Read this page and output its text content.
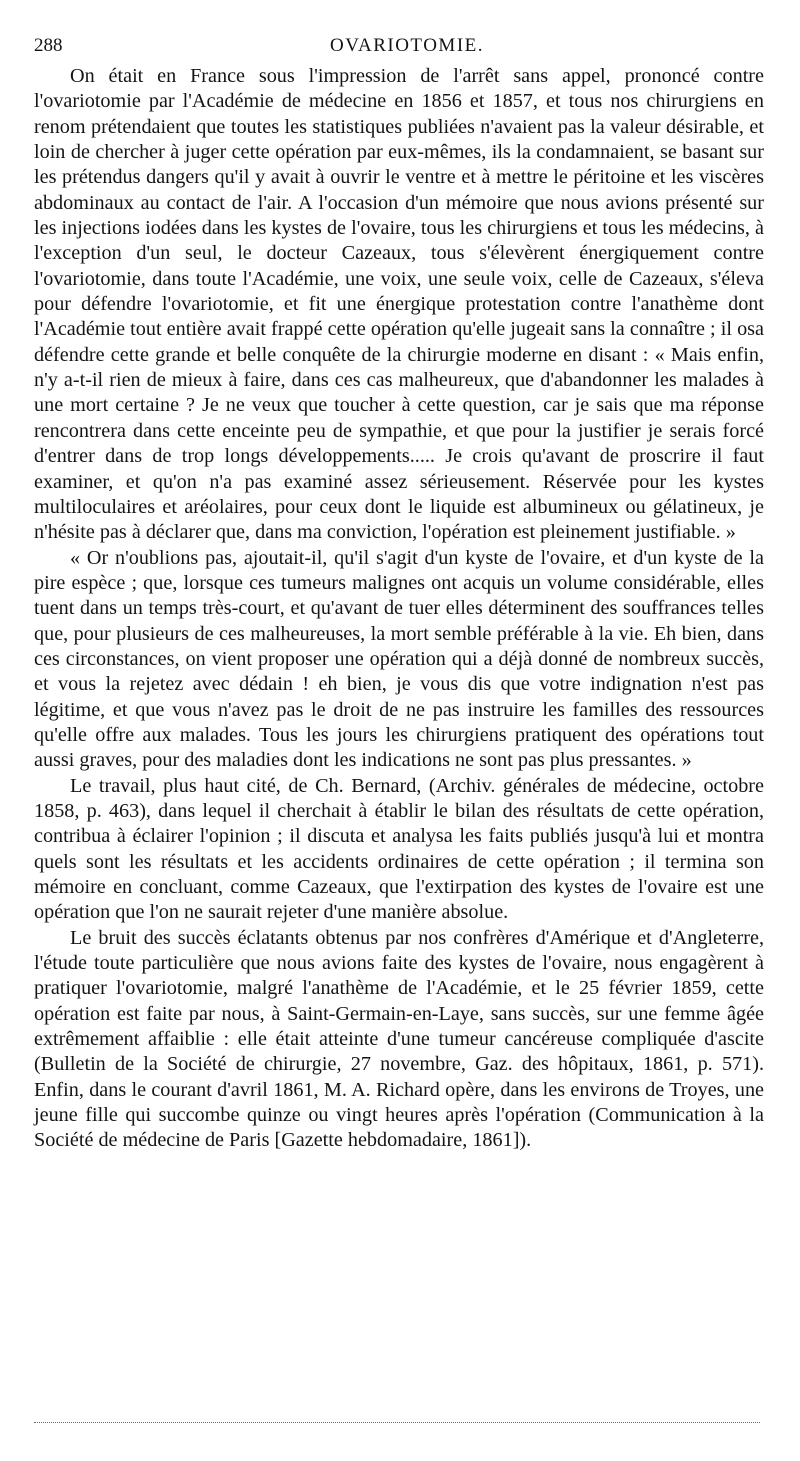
288	OVARIOTOMIE.

On était en France sous l'impression de l'arrêt sans appel, prononcé contre l'ovariotomie par l'Académie de médecine en 1856 et 1857, et tous nos chirurgiens en renom prétendaient que toutes les statistiques publiées n'avaient pas la valeur désirable, et loin de chercher à juger cette opération par eux-mêmes, ils la condamnaient, se basant sur les prétendus dangers qu'il y avait à ouvrir le ventre et à mettre le péritoine et les viscères abdominaux au contact de l'air. A l'occasion d'un mémoire que nous avions présenté sur les injections iodées dans les kystes de l'ovaire, tous les chirurgiens et tous les médecins, à l'exception d'un seul, le docteur Cazeaux, tous s'élevèrent énergiquement contre l'ovariotomie, dans toute l'Académie, une voix, une seule voix, celle de Cazeaux, s'éleva pour défendre l'ovariotomie, et fit une énergique protestation contre l'anathème dont l'Académie tout entière avait frappé cette opération qu'elle jugeait sans la connaître ; il osa défendre cette grande et belle conquête de la chirurgie moderne en disant : « Mais enfin, n'y a-t-il rien de mieux à faire, dans ces cas malheureux, que d'abandonner les malades à une mort certaine ? Je ne veux que toucher à cette question, car je sais que ma réponse rencontrera dans cette enceinte peu de sympathie, et que pour la justifier je serais forcé d'entrer dans de trop longs développements..... Je crois qu'avant de proscrire il faut examiner, et qu'on n'a pas examiné assez sérieusement. Réservée pour les kystes multiloculaires et aréolaires, pour ceux dont le liquide est albumineux ou gélatineux, je n'hésite pas à déclarer que, dans ma conviction, l'opération est pleinement justifiable. »

« Or n'oublions pas, ajoutait-il, qu'il s'agit d'un kyste de l'ovaire, et d'un kyste de la pire espèce ; que, lorsque ces tumeurs malignes ont acquis un volume considérable, elles tuent dans un temps très-court, et qu'avant de tuer elles déterminent des souffrances telles que, pour plusieurs de ces malheureuses, la mort semble préférable à la vie. Eh bien, dans ces circonstances, on vient proposer une opération qui a déjà donné de nombreux succès, et vous la rejetez avec dédain ! eh bien, je vous dis que votre indignation n'est pas légitime, et que vous n'avez pas le droit de ne pas instruire les familles des ressources qu'elle offre aux malades. Tous les jours les chirurgiens pratiquent des opérations tout aussi graves, pour des maladies dont les indications ne sont pas plus pressantes. »

Le travail, plus haut cité, de Ch. Bernard, (Archiv. générales de médecine, octobre 1858, p. 463), dans lequel il cherchait à établir le bilan des résultats de cette opération, contribua à éclairer l'opinion ; il discuta et analysa les faits publiés jusqu'à lui et montra quels sont les résultats et les accidents ordinaires de cette opération ; il termina son mémoire en concluant, comme Cazeaux, que l'extirpation des kystes de l'ovaire est une opération que l'on ne saurait rejeter d'une manière absolue.

Le bruit des succès éclatants obtenus par nos confrères d'Amérique et d'Angleterre, l'étude toute particulière que nous avions faite des kystes de l'ovaire, nous engagèrent à pratiquer l'ovariotomie, malgré l'anathème de l'Académie, et le 25 février 1859, cette opération est faite par nous, à Saint-Germain-en-Laye, sans succès, sur une femme âgée extrêmement affaiblie : elle était atteinte d'une tumeur cancéreuse compliquée d'ascite (Bulletin de la Société de chirurgie, 27 novembre, Gaz. des hôpitaux, 1861, p. 571). Enfin, dans le courant d'avril 1861, M. A. Richard opère, dans les environs de Troyes, une jeune fille qui succombe quinze ou vingt heures après l'opération (Communication à la Société de médecine de Paris [Gazette hebdomadaire, 1861]).
